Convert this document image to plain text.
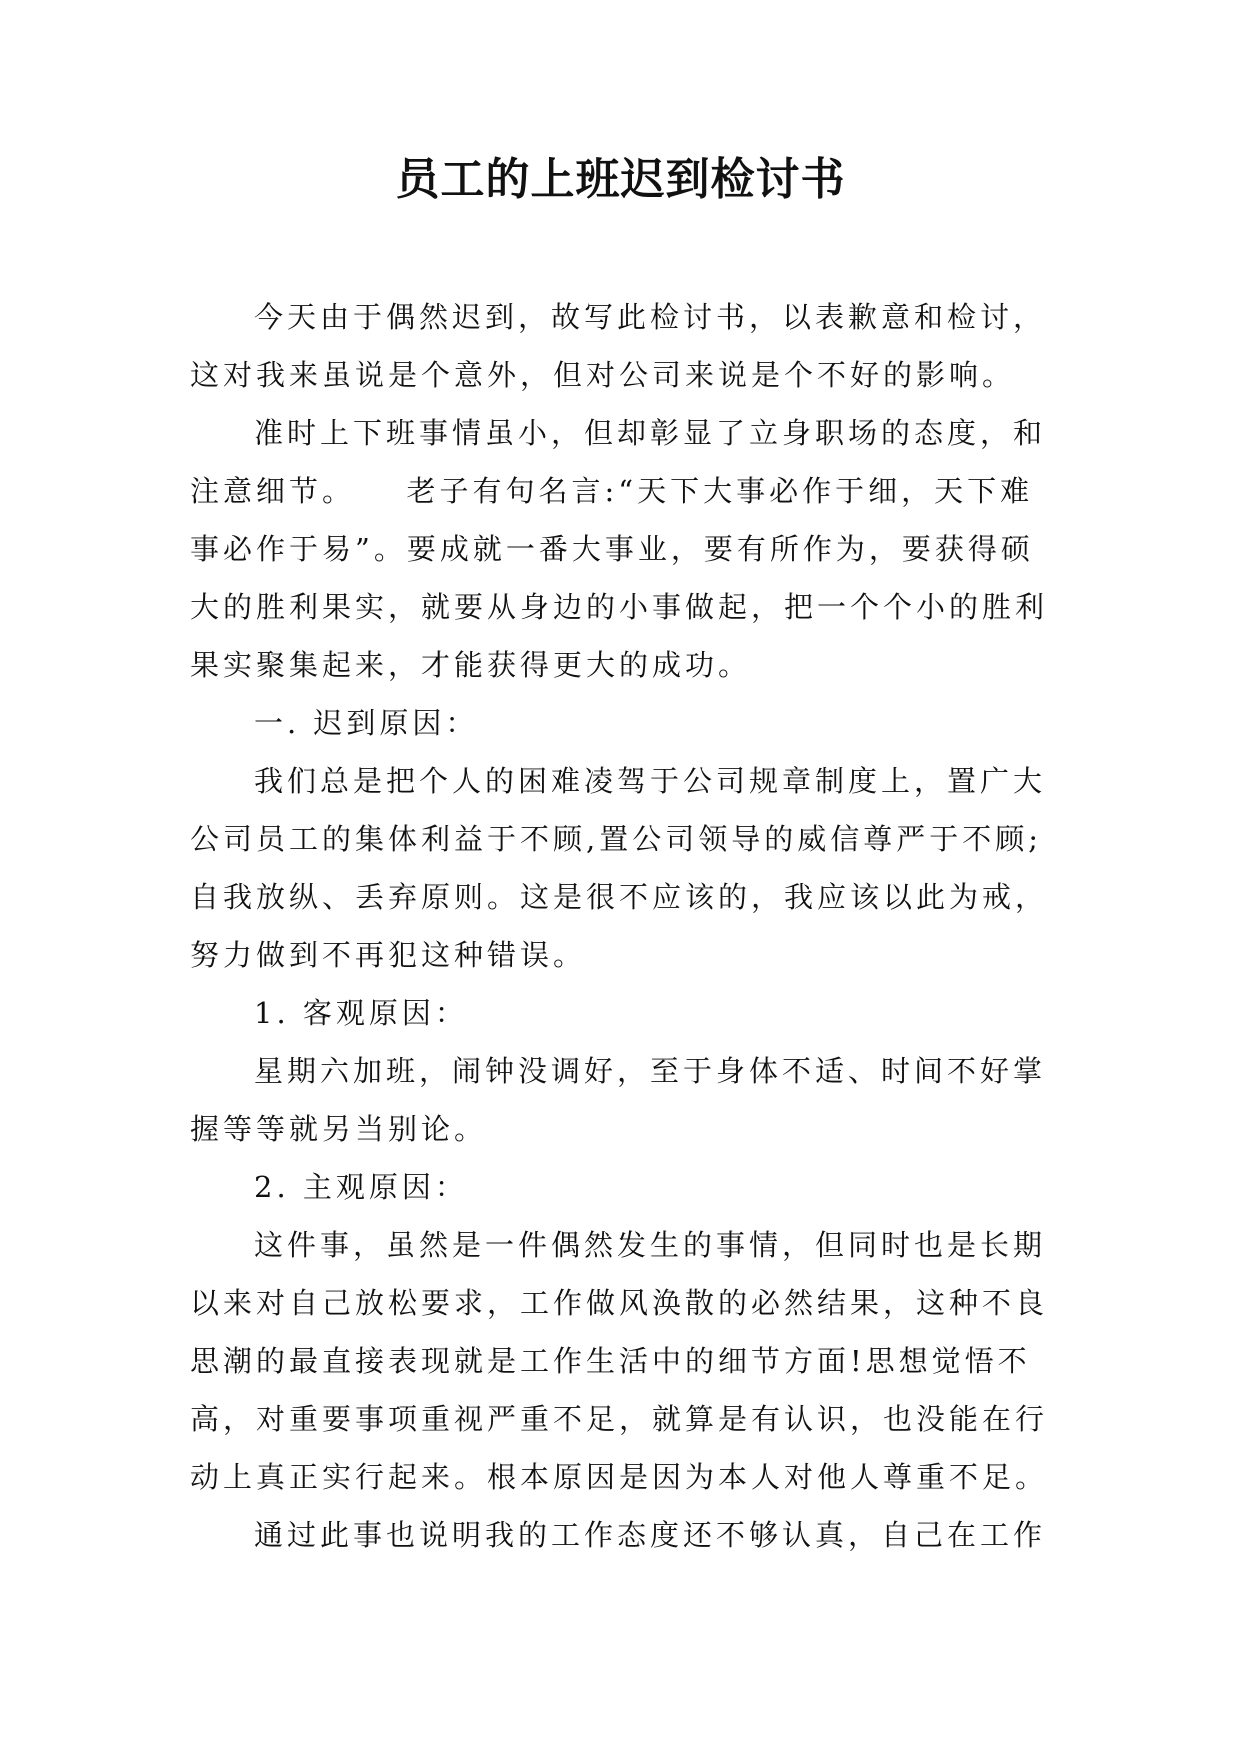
员工的上班迟到检讨书
今天由于偶然迟到，故写此检讨书，以表歉意和检讨，
这对我来虽说是个意外，但对公司来说是个不好的影响。
准时上下班事情虽小，但却彰显了立身职场的态度，和
注意细节。　　老子有句名言:“天下大事必作于细，天下难
事必作于易”。要成就一番大事业，要有所作为，要获得硕
大的胜利果实，就要从身边的小事做起，把一个个小的胜利
果实聚集起来，才能获得更大的成功。
一. 迟到原因：
我们总是把个人的困难凌驾于公司规章制度上，置广大
公司员工的集体利益于不顾,置公司领导的威信尊严于不顾;
自我放纵、丢弃原则。这是很不应该的，我应该以此为戒，
努力做到不再犯这种错误。
1. 客观原因：
星期六加班，闹钟没调好，至于身体不适、时间不好掌
握等等就另当别论。
2. 主观原因：
这件事，虽然是一件偶然发生的事情，但同时也是长期
以来对自己放松要求，工作做风涣散的必然结果，这种不良
思潮的最直接表现就是工作生活中的细节方面!思想觉悟不
高，对重要事项重视严重不足，就算是有认识，也没能在行
动上真正实行起来。根本原因是因为本人对他人尊重不足。
通过此事也说明我的工作态度还不够认真，自己在工作
